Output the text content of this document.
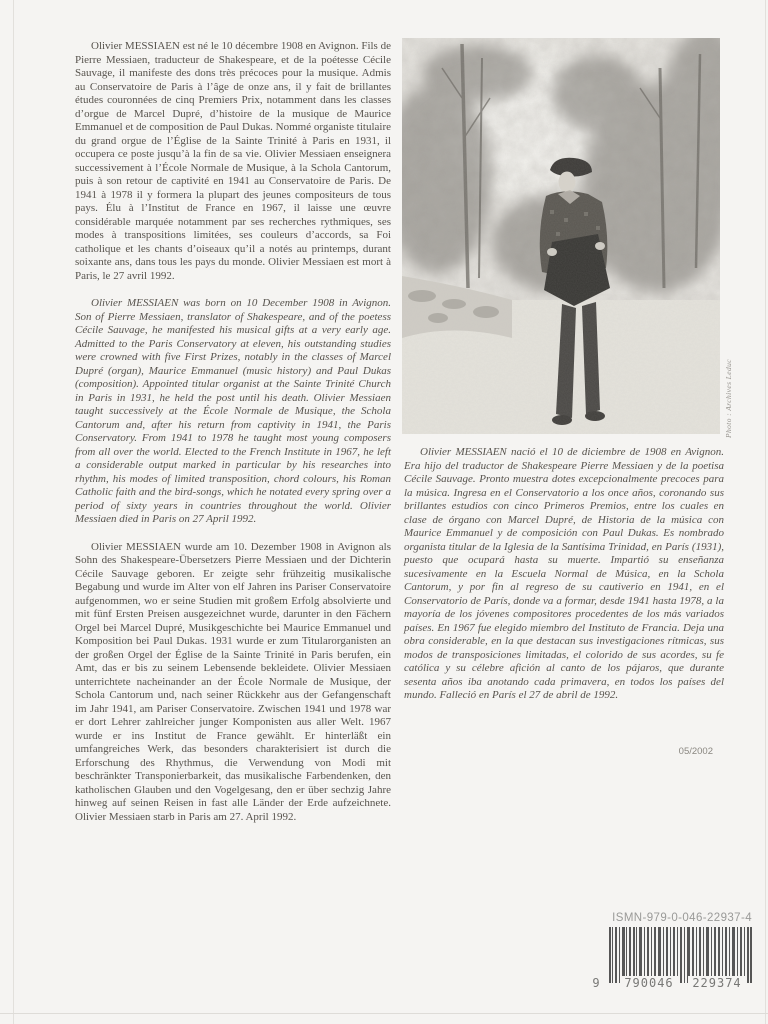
Olivier MESSIAEN est né le 10 décembre 1908 en Avignon. Fils de Pierre Messiaen, traducteur de Shakespeare, et de la poétesse Cécile Sauvage, il manifeste des dons très précoces pour la musique. Admis au Conservatoire de Paris à l’âge de onze ans, il y fait de brillantes études couronnées de cinq Premiers Prix, notamment dans les classes d’orgue de Marcel Dupré, d’histoire de la musique de Maurice Emmanuel et de composition de Paul Dukas. Nommé organiste titulaire du grand orgue de l’Église de la Sainte Trinité à Paris en 1931, il occupera ce poste jusqu’à la fin de sa vie. Olivier Messiaen enseignera successivement à l’École Normale de Musique, à la Schola Cantorum, puis à son retour de captivité en 1941 au Conservatoire de Paris. De 1941 à 1978 il y formera la plupart des jeunes compositeurs de tous pays. Élu à l’Institut de France en 1967, il laisse une œuvre considérable marquée notamment par ses recherches rythmiques, ses modes à transpositions limitées, ses couleurs d’accords, sa Foi catholique et les chants d’oiseaux qu’il a notés au printemps, durant soixante ans, dans tous les pays du monde. Olivier Messiaen est mort à Paris, le 27 avril 1992.

Olivier MESSIAEN was born on 10 December 1908 in Avignon. Son of Pierre Messiaen, translator of Shakespeare, and of the poetess Cécile Sauvage, he manifested his musical gifts at a very early age. Admitted to the Paris Conservatory at eleven, his outstanding studies were crowned with five First Prizes, notably in the classes of Marcel Dupré (organ), Maurice Emmanuel (music history) and Paul Dukas (composition). Appointed titular organist at the Sainte Trinité Church in Paris in 1931, he held the post until his death. Olivier Messiaen taught successively at the École Normale de Musique, the Schola Cantorum and, after his return from captivity in 1941, the Paris Conservatory. From 1941 to 1978 he taught most young composers from all over the world. Elected to the French Institute in 1967, he left a considerable output marked in particular by his researches into rhythm, his modes of limited transposition, chord colours, his Roman Catholic faith and the bird-songs, which he notated every spring over a period of sixty years in countries throughout the world. Olivier Messiaen died in Paris on 27 April 1992.

Olivier MESSIAEN wurde am 10. Dezember 1908 in Avignon als Sohn des Shakespeare-Übersetzers Pierre Messiaen und der Dichterin Cécile Sauvage geboren. Er zeigte sehr frühzeitig musikalische Begabung und wurde im Alter von elf Jahren ins Pariser Conservatoire aufgenommen, wo er seine Studien mit großem Erfolg absolvierte und mit fünf Ersten Preisen ausgezeichnet wurde, darunter in den Fächern Orgel bei Marcel Dupré, Musikgeschichte bei Maurice Emmanuel und Komposition bei Paul Dukas. 1931 wurde er zum Titularorganisten an der großen Orgel der Église de la Sainte Trinité in Paris berufen, ein Amt, das er bis zu seinem Lebensende bekleidete. Olivier Messiaen unterrichtete nacheinander an der École Normale de Musique, der Schola Cantorum und, nach seiner Rückkehr aus der Gefangenschaft im Jahr 1941, am Pariser Conservatoire. Zwischen 1941 und 1978 war er dort Lehrer zahlreicher junger Komponisten aus aller Welt. 1967 wurde er ins Institut de France gewählt. Er hinterläßt ein umfangreiches Werk, das besonders charakterisiert ist durch die Erforschung des Rhythmus, die Verwendung von Modi mit beschränkter Transponierbarkeit, das musikalische Farbendenken, den katholischen Glauben und den Vogelgesang, den er über sechzig Jahre hinweg auf seinen Reisen in fast alle Länder der Erde aufzeichnete. Olivier Messiaen starb in Paris am 27. April 1992.

Photo : Archives Leduc

Olivier MESSIAEN nació el 10 de diciembre de 1908 en Avignon. Era hijo del traductor de Shakespeare Pierre Messiaen y de la poetisa Cécile Sauvage. Pronto muestra dotes excepcionalmente precoces para la música. Ingresa en el Conservatorio a los once años, coronando sus brillantes estudios con cinco Primeros Premios, entre los cuales en clase de órgano con Marcel Dupré, de Historia de la música con Maurice Emmanuel y de composición con Paul Dukas. Es nombrado organista titular de la Iglesia de la Santísima Trinidad, en París (1931), puesto que ocupará hasta su muerte. Impartió su enseñanza sucesivamente en la Escuela Normal de Música, en la Schola Cantorum, y por fin al regreso de su cautiverio en 1941, en el Conservatorio de París, donde va a formar, desde 1941 hasta 1978, a la mayoría de los jóvenes compositores procedentes de los más variados países. En 1967 fue elegido miembro del Instituto de Francia. Deja una obra considerable, en la que destacan sus investigaciones rítmicas, sus modos de transposiciones limitadas, el colorido de sus acordes, su fe católica y su célebre afición al canto de los pájaros, que durante sesenta años iba anotando cada primavera, en todos los países del mundo. Falleció en París el 27 de abril de 1992.

05/2002
ISMN-979-0-046-22937-4
9	790046	229374
